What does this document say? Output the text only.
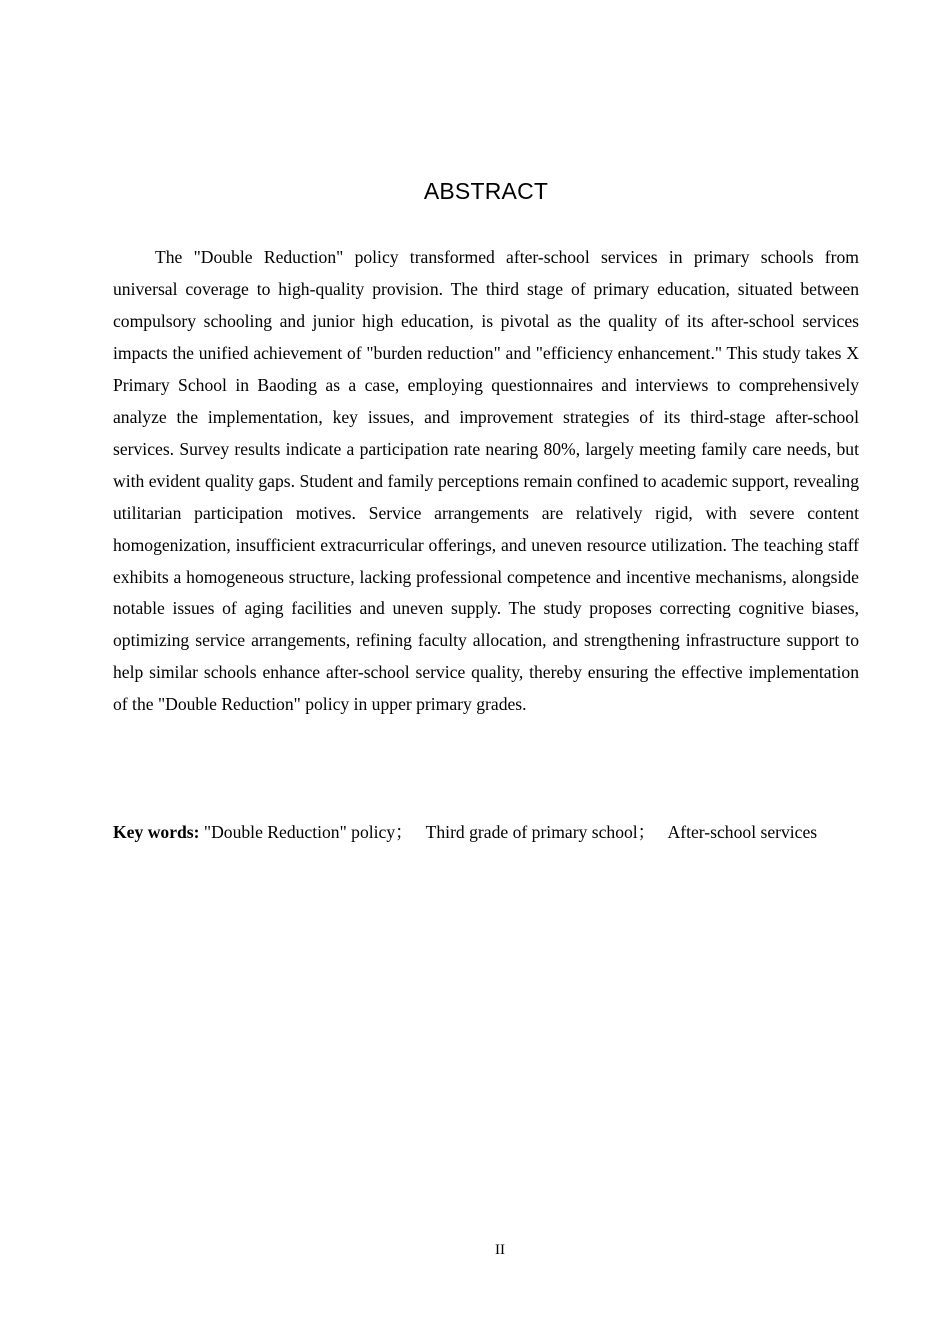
ABSTRACT

The "Double Reduction" policy transformed after-school services in primary schools from universal coverage to high-quality provision. The third stage of primary education, situated between compulsory schooling and junior high education, is pivotal as the quality of its after-school services impacts the unified achievement of "burden reduction" and "efficiency enhancement." This study takes X Primary School in Baoding as a case, employing questionnaires and interviews to comprehensively analyze the implementation, key issues, and improvement strategies of its third-stage after-school services. Survey results indicate a participation rate nearing 80%, largely meeting family care needs, but with evident quality gaps. Student and family perceptions remain confined to academic support, revealing utilitarian participation motives. Service arrangements are relatively rigid, with severe content homogenization, insufficient extracurricular offerings, and uneven resource utilization. The teaching staff exhibits a homogeneous structure, lacking professional competence and incentive mechanisms, alongside notable issues of aging facilities and uneven supply. The study proposes correcting cognitive biases, optimizing service arrangements, refining faculty allocation, and strengthening infrastructure support to help similar schools enhance after-school service quality, thereby ensuring the effective implementation of the "Double Reduction" policy in upper primary grades.

Key words: "Double Reduction" policy； Third grade of primary school； After-school services

II
